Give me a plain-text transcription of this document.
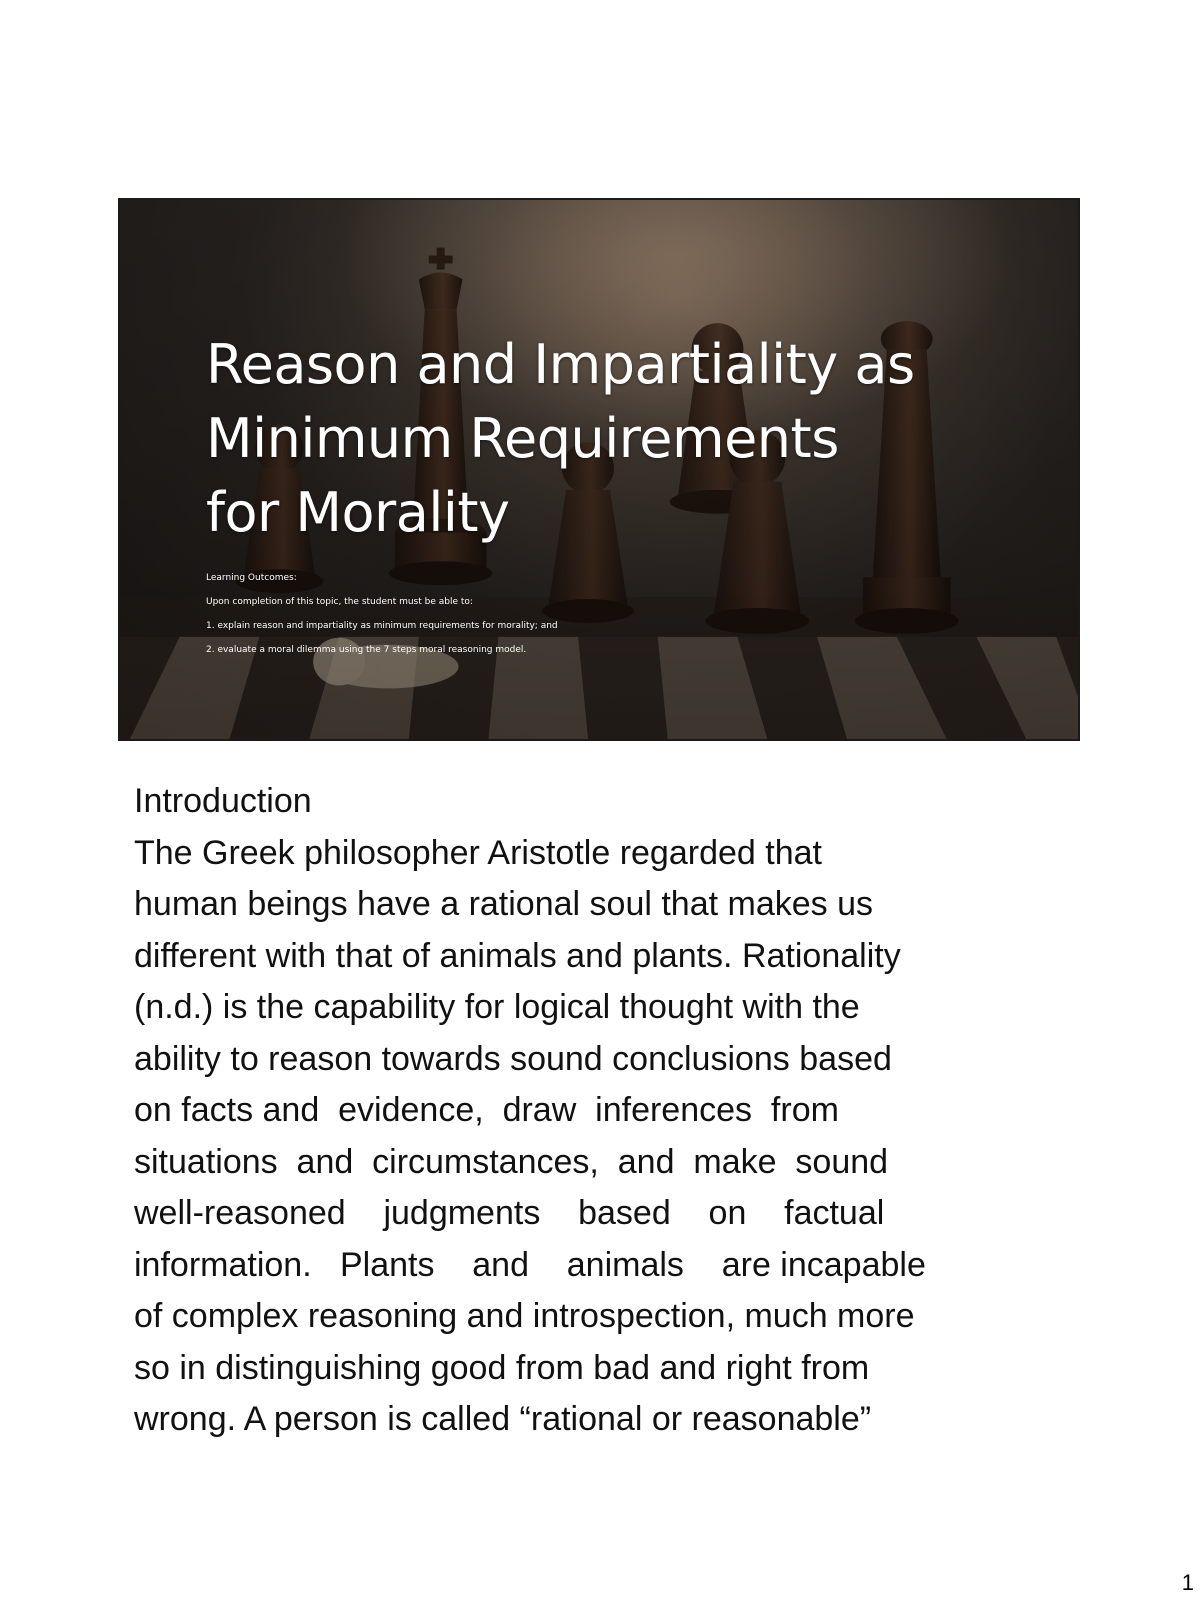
Reason and Impartiality as
Minimum Requirements
for Morality
Learning Outcomes:
Upon completion of this topic, the student must be able to:
1. explain reason and impartiality as minimum requirements for morality; and
2. evaluate a moral dilemma using the 7 steps moral reasoning model.
Introduction
The Greek philosopher Aristotle regarded that
human beings have a rational soul that makes us
different with that of animals and plants. Rationality
(n.d.) is the capability for logical thought with the
ability to reason towards sound conclusions based
on facts and  evidence,  draw  inferences  from
situations  and  circumstances,  and  make  sound
well-reasoned    judgments    based    on    factual
information.   Plants    and    animals    are incapable
of complex reasoning and introspection, much more
so in distinguishing good from bad and right from
wrong. A person is called “rational or reasonable”
1
